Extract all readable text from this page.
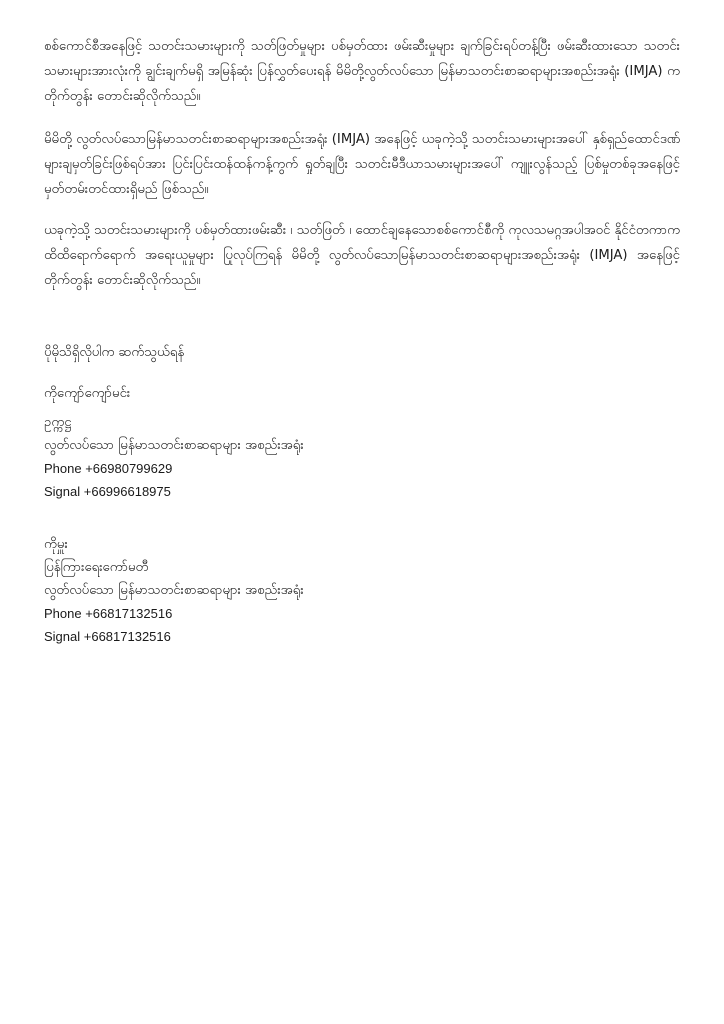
စစ်ကောင်စီအနေဖြင့် သတင်းသမားများကို သတ်ဖြတ်မှုများ ပစ်မှတ်ထား ဖမ်းဆီးမှုများ ချက်ခြင်းရပ်တန့်ပြီး ဖမ်းဆီးထားသော သတင်းသမားများအားလုံးကို ချွင်းချက်မရှိ အမြန်ဆုံး ပြန်လွှတ်ပေးရန် မိမိတို့လွတ်လပ်သော မြန်မာသတင်းစာဆရာများအစည်းအရုံး (IMJA) က တိုက်တွန်း တောင်းဆိုလိုက်သည်။

မိမိတို့ လွတ်လပ်သောမြန်မာသတင်းစာဆရာများအစည်းအရုံး (IMJA) အနေဖြင့် ယခုကဲ့သို့ သတင်းသမားများအပေါ် နှစ်ရှည်ထောင်ဒဏ်များချမှတ်ခြင်းဖြစ်ရပ်အား ပြင်းပြင်းထန်ထန်ကန့်ကွက် ရှုတ်ချပြီး သတင်းမီဒီယာသမားများအပေါ် ကျူးလွန်သည့် ပြစ်မှုတစ်ခုအနေဖြင့် မှတ်တမ်းတင်ထားရှိမည် ဖြစ်သည်။

ယခုကဲ့သို့ သတင်းသမားများကို ပစ်မှတ်ထားဖမ်းဆီး ၊ သတ်ဖြတ် ၊ ထောင်ချနေသောစစ်ကောင်စီကို ကုလသမဂ္ဂအပါအဝင် နိုင်ငံတကာက ထိထိရောက်ရောက် အရေးယူမှုများ ပြုလုပ်ကြရန် မိမိတို့ လွတ်လပ်သောမြန်မာသတင်းစာဆရာများအစည်းအရုံး (IMJA) အနေဖြင့် တိုက်တွန်း တောင်းဆိုလိုက်သည်။

ပိုမိုသိရှိလိုပါက ဆက်သွယ်ရန်

ကိုကျော်ကျော်မင်း

ဥက္ကဋ္ဌ

လွတ်လပ်သော မြန်မာသတင်းစာဆရာများ အစည်းအရုံး

Phone +66980799629

Signal +66996618975

ကိုမှူး

ပြန်ကြားရေးကော်မတီ

လွတ်လပ်သော မြန်မာသတင်းစာဆရာများ အစည်းအရုံး

Phone +66817132516

Signal +66817132516
